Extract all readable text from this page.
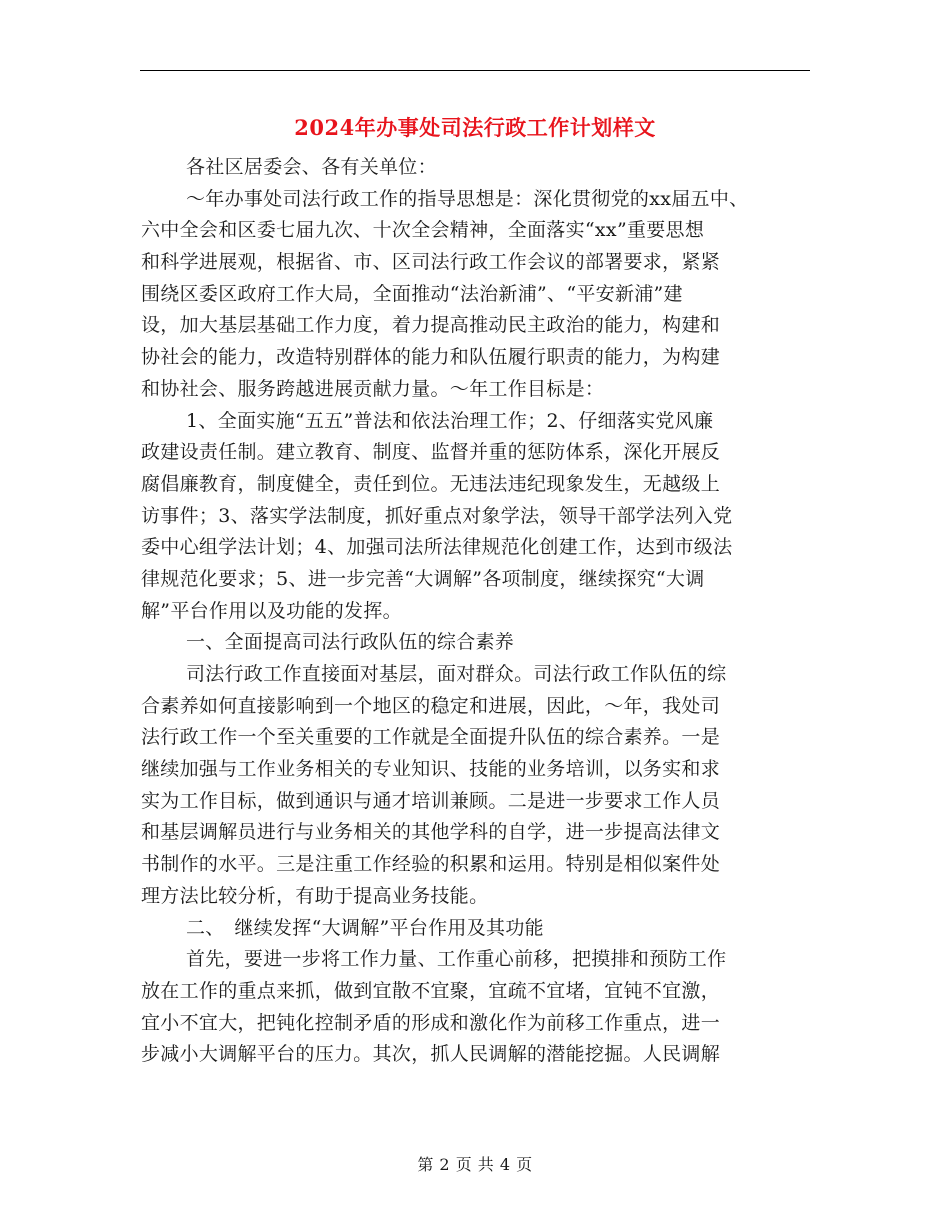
2024年办事处司法行政工作计划样文
各社区居委会、各有关单位：
～年办事处司法行政工作的指导思想是：深化贯彻党的xx届五中、
六中全会和区委七届九次、十次全会精神，全面落实“xx”重要思想
和科学进展观，根据省、市、区司法行政工作会议的部署要求，紧紧
围绕区委区政府工作大局，全面推动“法治新浦”、“平安新浦”建
设，加大基层基础工作力度，着力提高推动民主政治的能力，构建和
协社会的能力，改造特别群体的能力和队伍履行职责的能力，为构建
和协社会、服务跨越进展贡献力量。～年工作目标是：
1、全面实施“五五”普法和依法治理工作；2、仔细落实党风廉
政建设责任制。建立教育、制度、监督并重的惩防体系，深化开展反
腐倡廉教育，制度健全，责任到位。无违法违纪现象发生，无越级上
访事件；3、落实学法制度，抓好重点对象学法，领导干部学法列入党
委中心组学法计划；4、加强司法所法律规范化创建工作，达到市级法
律规范化要求；5、进一步完善“大调解”各项制度，继续探究“大调
解”平台作用以及功能的发挥。
一、全面提高司法行政队伍的综合素养
司法行政工作直接面对基层，面对群众。司法行政工作队伍的综
合素养如何直接影响到一个地区的稳定和进展，因此，～年，我处司
法行政工作一个至关重要的工作就是全面提升队伍的综合素养。一是
继续加强与工作业务相关的专业知识、技能的业务培训，以务实和求
实为工作目标，做到通识与通才培训兼顾。二是进一步要求工作人员
和基层调解员进行与业务相关的其他学科的自学，进一步提高法律文
书制作的水平。三是注重工作经验的积累和运用。特别是相似案件处
理方法比较分析，有助于提高业务技能。
二、　继续发挥“大调解”平台作用及其功能
首先，要进一步将工作力量、工作重心前移，把摸排和预防工作
放在工作的重点来抓，做到宜散不宜聚，宜疏不宜堵，宜钝不宜激，
宜小不宜大，把钝化控制矛盾的形成和激化作为前移工作重点，进一
步减小大调解平台的压力。其次，抓人民调解的潜能挖掘。人民调解
第 2 页 共 4 页
